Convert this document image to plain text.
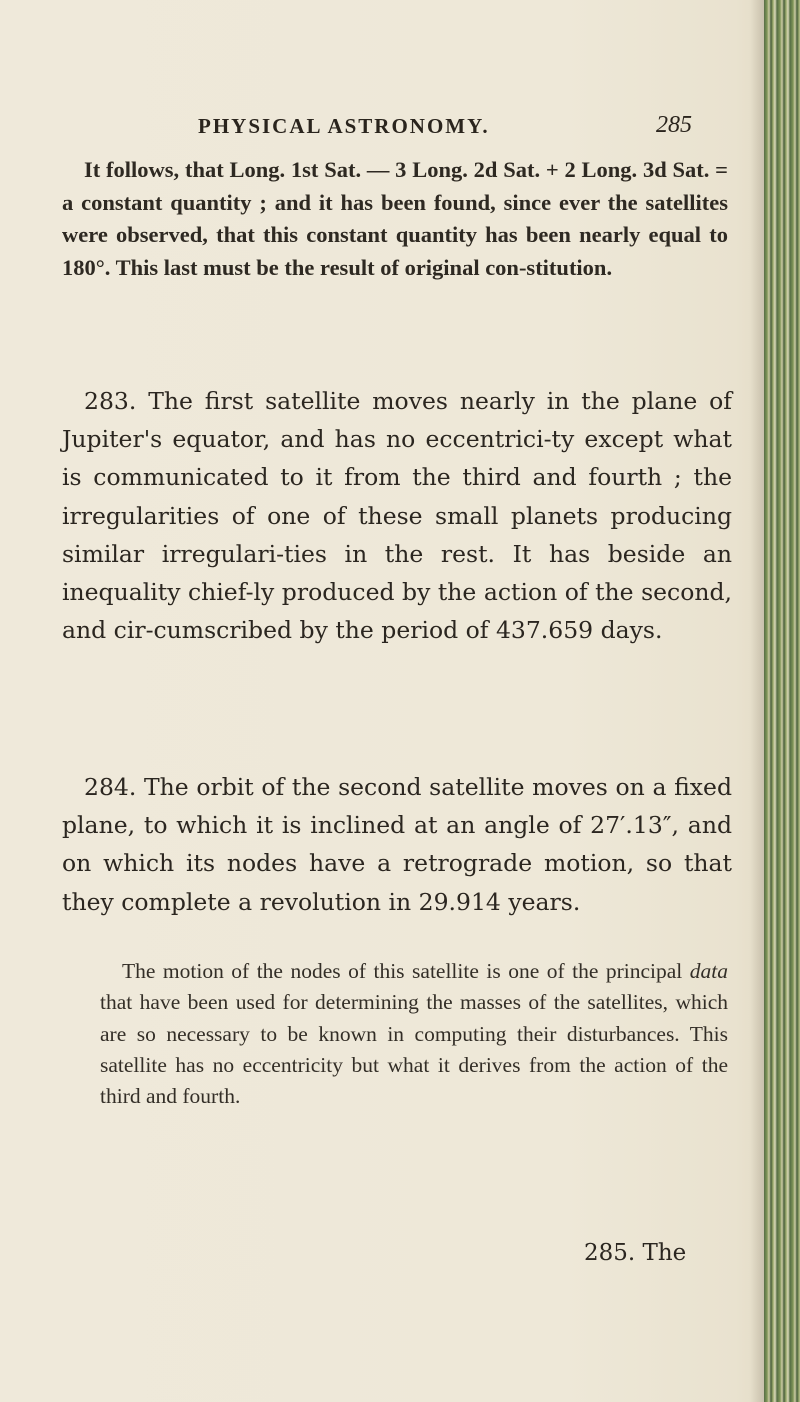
PHYSICAL ASTRONOMY.	285

It follows, that Long. 1st Sat. — 3 Long. 2d Sat. + 2 Long. 3d Sat. = a constant quantity ; and it has been found, since ever the satellites were observed, that this constant quantity has been nearly equal to 180°. This last must be the result of original con-stitution.

283. The first satellite moves nearly in the plane of Jupiter's equator, and has no eccentrici-ty except what is communicated to it from the third and fourth ; the irregularities of one of these small planets producing similar irregulari-ties in the rest. It has beside an inequality chief-ly produced by the action of the second, and cir-cumscribed by the period of 437.659 days.

284. The orbit of the second satellite moves on a fixed plane, to which it is inclined at an angle of 27′.13″, and on which its nodes have a retrograde motion, so that they complete a revolution in 29.914 years.

The motion of the nodes of this satellite is one of the principal data that have been used for determining the masses of the satellites, which are so necessary to be known in computing their disturbances. This satellite has no eccentricity but what it derives from the action of the third and fourth.

285. The
